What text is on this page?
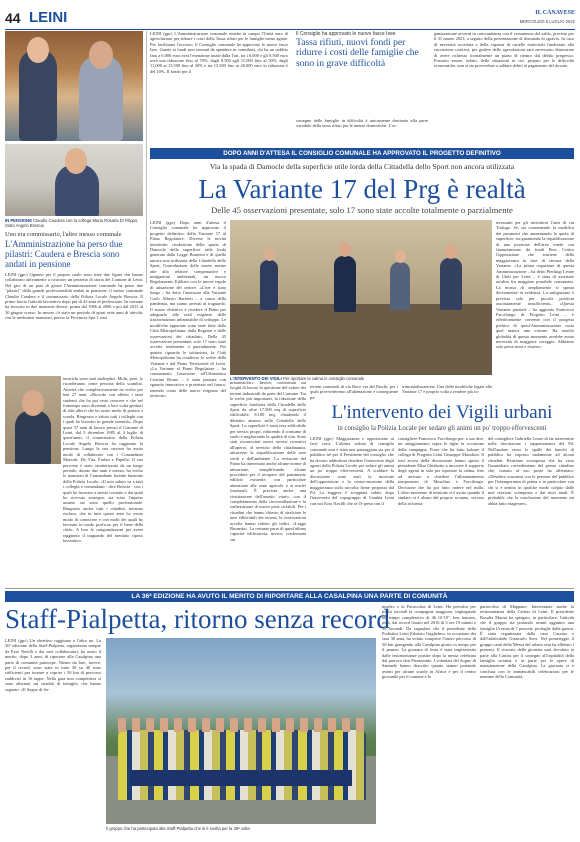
44 LEINI	IL CANAVESE
MERCOLEDÌ 6 LUGLIO 2022
IN PENSIONE Claudio Caudera con la collega Maria Rosaria Di Filippo. Sotto Angelo Brescia
Uno era commissario, l'altro messo comunale
L'Amministrazione ha perso due pilastri: Caudera e Brescia sono andati in pensione
LEINI (gpc) Ognuno per il proprio ruolo sono state due figure che hanno collaborato attivamente a costruire un pezzetto di storia del Comune di Leinì. Nel giro di un paio di giorni l'Amministrazione comunale ha perso due "pilastri" della grande professionalità andati in pensione: il messo comunale Claudio Caudera e il commissario della Polizia Locale Angelo Brescia. Il primo lascia l'attività lavorativa dopo più di 43 anni di professione. In comune ha lavorato in due momenti diversi, prima dal 1986 al 2006 e poi dal 2013 al 30 giugno scorso. In mezzo c'è stato un periodo di quasi sette anni di attività, con le medesime mansioni, presso la Provincia Spa. I suoi
incarichi sono stati molteplici. Molti, però, lo ricorderanno come persona dello scambio. Attività che complessivamente ha svolto per ben 27 anni. «Ricordo con affetto i tanti studenti che ho poi visto crescere e che nel frattempo sono diventati a loro volta genitori di altri allievi che ho avuto modo di portare a scuola. Ringrazio e saluto tutti i colleghi con i quali ho lavorato in grande serenità». Dopo quasi 37 anni di lavoro presso il Comune di Leinì, dal 5 dicembre 1985 al 4 luglio di quest'anno, il commissario della Polizia Locale Angelo Brescia ha raggiunto la pensione. Lungo la sua carriera ha avuto modo di collaborare con i Comandanti Mariotti, De Vita, Furlan e Papello. Il suo percorso è stato caratterizzato da un lungo periodo, durato due anni e mezzo, ha svolto le mansioni di Comandante facente funzione della Polizia Locale. «Il mio saluto va a tutti i colleghi e comandanti - dice Brescia - con i quali ho lavorato a stretto contatto e dai quali ho ricevuto sostegno, sia sotto l'aspetto umano sia sotto quello professionale. Ringrazio anche tutti i cittadini, nessuno escluso, che in tutti questi anni ho avuto modo di conoscere e con molti dei quali ho lavorato in modo proficuo per il bene della città». A loro le congratulazioni per avere raggiunto il traguardo del meritato riposo lavorativo.
LEINI (gpc) L'Amministrazione comunale rimette in campo l'Unità euro di agevolazioni per ridurre i costi della Tassa rifiuti per le famiglie meno agiate. Per facilitarne l'accesso, il Consiglio comunale ha approvato le nuove fasce Isee. Grazie ai fondi non stornati da spendere in contributi, chi ha un reddito fino a 6.000 euro avrà l'esenzione totale dalla Tari, tra i 6.000 e gli 8.500 euro avrà una riduzione fino al 70%, dagli 8.500 agli 11.000 fino al 50%, dagli 11.000 ai 13.500 fino al 30% e tra 13.500 fino ai 20.000 euro la riduzione è del 10%. Il fondo per il
Il Consiglio ha approvato le nuove fasce Isee
Tassa rifiuti, nuovi fondi per ridurre i costi delle famiglie che sono in grave difficoltà
sostegno delle famiglie in difficoltà è unicamente destinato alla parte variabile della tassa rifiuti per le utenze domestiche. L'or-
ganizzazione avverrà in concomitanza con il versamento del saldo, previsto per il 31 marzo 2023, a seguito della presentazione di domanda di sgravio. In caso di necessità accertata e della vigenza di cartelle esattoriali finalizzate alla riscossione coattiva, per godere delle agevolazioni sarà necessario dimostrare di avere richiesto formalmente un piano di rientro dal debito pregresso. Possono essere, infatti, delle situazioni in cui, proprio per le difficoltà economiche, non si sia provveduto a saldare debiti al pagamento del dovuto.
DOPO ANNI D'ATTESA IL CONSIGLIO COMUNALE HA APPROVATO IL PROGETTO DEFINITIVO
Via la spada di Damocle della superficie utile lorda della Cittadella dello Sport non ancora utilizzata
La Variante 17 del Prg è realtà
Delle 45 osservazioni presentate, solo 17 sono state accolte totalmente o parzialmente
LEINI (gpc) Dopo anni d'attesa il Consiglio comunale ha approvato il progetto definitivo della Variante 17 al Piano Regolatore. Diverse le novità introdotte: risoluzione della spada di Damocle della superficie utile lorda generata dalla Legge Brunetta e di quella ancora non utilizzata della Cittadella dello Sport, l'introduzione delle nuove norme atte alla relative compensative e mitigazioni ambientali, un nuovo Regolamento Edilizio con le nuove regole di attuazione del settore. «L'iter è stato lungo – ha detto l'assessore alla Variante Carlo Alberto Barbieri – a causa della pandemia, ma siamo arrivati al traguardo. Il nostro obiettivo è rivedere il Piano per adeguarlo alle reali esigenze delle trasformazioni urbanistiche di sviluppo. Le modifiche apportate sono state fatte dalla Città Metropolitana, dalla Regione e dalle osservazioni dei cittadini». Delle 45 osservazioni presentate, solo 17 sono state accolte totalmente o parzialmente. Per quanto riguarda le istituzioni, la Città Metropolitana ha condiviso le scelte della Variante e dal Piano Territoriale di Leinì. «La Variante al Piano Regolatore – ha commentato l'assessore all'Urbanistica Cristina Bruno – è stata pensata con sguardo innovativo e proiettato nel futuro, tenendo conto delle nuove esigenze del territorio.
urbanistiche». Invece, confermati sui luoghi di lavoro la questione del valore dei terreni industriali da parte del Comune. Tra le scelte più importanti, la riduzione della superficie fondiaria della Cittadella dello Sport da oltre 17.500 mq di superficie edificabile, 8.100 mq, chiudendo il dibattito annoso sulla Cittadella dello Sport. La superficie è stata resa edificabile per servizi propri, riducendo il consumo di suolo e migliorando la qualità di vita. Sono stati riconosciuti nuovi servizi ricreativi all'aperto, al servizio della cittadinanza, attraverso la riqualificazione delle aree verdi e dell'ambiente. La revisione del Piano ha interessato anche alcune norme di attuazione, semplificando alcune procedure per il recupero del patrimonio edilizio esistente, con particolare attenzione alle zone agricole e ai nuclei frazionali. È prevista anche una rivisitazione dell'assetto viario, con il completamento della circonvallazione e la realizzazione di nuove piste ciclabili. Per i cittadini che hanno chiesto di stralciare le aree edificabili dei terreni, le osservazioni accolte hanno ridotto gli indici. «Legge Brunetta». La restante parte di quest'ultima capacità edificatoria, invece, confermata sui
L'INTERVENTO DEI VIGILI Per riportare la calma in consiglio comunale
terreni comunali di via Roce via del Parchi, per i quali provvederemo all'alienazione e conseguente pa-
trimonializzazione. Una delle modifiche legate alla Variante 17 è proprio volta a rendere più in-
teressanti per gli investitori l'area di via Trafugo. Se, sia consentendo la modifica dei parametri che aumentando la quota di superficie, sia garantendo la riqualificazione di una porzione dell'area vende con finanziamento da fondi Pnrr. Critica l'opposizione che sostiene della maggioranza in fase di stesura della Variante. «La prima cupazione di questa Amministrazione – ha detto Pierluigi Leone di Uniti per Leinì – è stata di assestare un'altra fra maggiore possibile consumato. La mossa di ampliamento si sposta decisamente in evidenza. La mitigazione è prevista solo per piccole porzioni assolutamente insufficienti». «Questa Variante parziale – ha aggiunto Francesco Faccilongo di Progetto Leinì – è effettivamente coerente con il progetto politico di quest'Amministrazione ossia quel manca una visione. Ha assolto globalità di questo momento avrebbe avuto necessità di maggiore coraggio. Abbiamo solo perso mesi e risorse».
L'intervento dei Vigili urbani
in consiglio la Polizia Locale per sedare gli animi un po' troppo effervescenti
LEINI (gpc) Maggioranza e opposizione ai ferri corti. L'ultima seduta di consiglio comunale non è stata una passeggiata sia per il pubblico né per il Presidente del consiglio che ha dovuto addirittura chiedere l'intervento degli agenti della Polizia Locale per sedare gli animi un po' troppo effervescenti. A scaldare la discussione sono stati la mozione dell'opposizione e la contro-mozione della maggioranza sulla raccolta firme proposta dal Pd. La baggera è scoppiata subito dopo l'intervento del capogruppo di Cambia Leinì con noi Ezio Navilli che se l'è presa con il
consigliere Francesco Faccilongo per, a suo dire, un atteggiamento sopra le righe in occasione della campagna. Frase che ha fatto balzare il collega di Progetto Leinì Giuseppe Musolino. Il toni accesi della discussione hanno spinto il presidente Elisa Chiabotto a invocare il supporto degli agenti in sala per riportare la calma, fino ad arrivare a chiedere l'allontanamento temporaneo di Musolino e Faccilongo. Decisione che ha poi fatto cadere nel nulla. L'altro momento di tensione si è avuto quando il sindaco si è alzato dal proprio scranno, seccato della richiesta
del consigliere Gabriella Leone di far intervenire nella discussione i rappresentanti del Pd. Nell'andare verso le spalle dei banchi di pubblico ha risposto malamente ad alcuni cittadini. Reazione scomposta che ha visto l'immediato ravvedimento del primo cittadino che, tornato al suo posto ha affermato: «Desidero scusarmi con le persone del pubblico per l'intemperanza di prima e in particolare con chi si è sentito in qualche modo colpito dalle mie reazioni scomposte e dai miei modi. È probabile che la conclusione del momento mi abbia fatto esagerare».
LA 36ª EDIZIONE HA AVUTO IL MERITO DI RIPORTARE ALLA CASALPINA UNA PARTE DI COMUNITÀ
Staff-Pialpetta, ritorno senza record
LEINI (gpc) Un obiettivo raggiunto e l'altro no. La 36ª edizione della Staff-Pialpetta, organizzata sempre da Ezio Navilli e dai suoi collaboratori, ha avuto il merito, dopo 3 anni, di riportare alla Casalpina una parte di comunità partecipe. Niente da fare, invece, per il record, sono state in tutto 38 su 40 sono sufficienti per tornare a coprire i 50 km di percorso suddivisi in 16 tappe. Nella gara non competitiva si sono alternati sui stradali di famiglie, che hanno segnato: «Il Sogno di Sa-
Il gruppo che ha partecipato alla Staff-Pialpetta che si è svolta per la 36ª volta
muele» e la Parrocchia di Leinì. Ha prevalso per pochi secondi la compagine maggiore, impiegando un tempo complessivo di 4h 01'10", ben lontano, però, dal record fissato nel 2016 di 3 ore 19 minuti e 38 secondi. Da segnalare che il presidente della Podistica Leinì Fabrizio Guglielmo, in occasione dei suoi 30 anni, ha voluto compiere l'intero percorso di 50 km giungendo alla Casalpina giusto in tempo per il pranzo. La giornata di festa è stata impreziosita dalle testimonianze portate dopo la messa celebrata dal parroco don Pieramonte. I volontari del Sogno di Samuele hanno descritto quanto stanno portando avanti per alcune scuole in Africa e per il centro giovanile per il comune e la
parrocchia di Mappano. Interessante anche la testimonianza della Caritas di Leinì. Il presidente Rosalia Marini ha spiegato, in particolare, l'attività che il gruppo sta portando avanti aggiunto una famiglia Ucraina di 7 persone, profughe dalla guerra. È stata organizzata dalla casa Cassina e dall'infaticabile Giancarlo Sieri. Nel pomeriggio il gruppo canti della Messa del sabato sera ha allietato i presenti. Il ricavato della giornata sarà devoluto in parte alla Caritas per il sostegno all'ospitalità della famiglia ucraina e in parte per le opere di manutenzione della Casalpina. La giornata si è conclusa con le immancabili celebrazioni per le mamme della Comunità.
